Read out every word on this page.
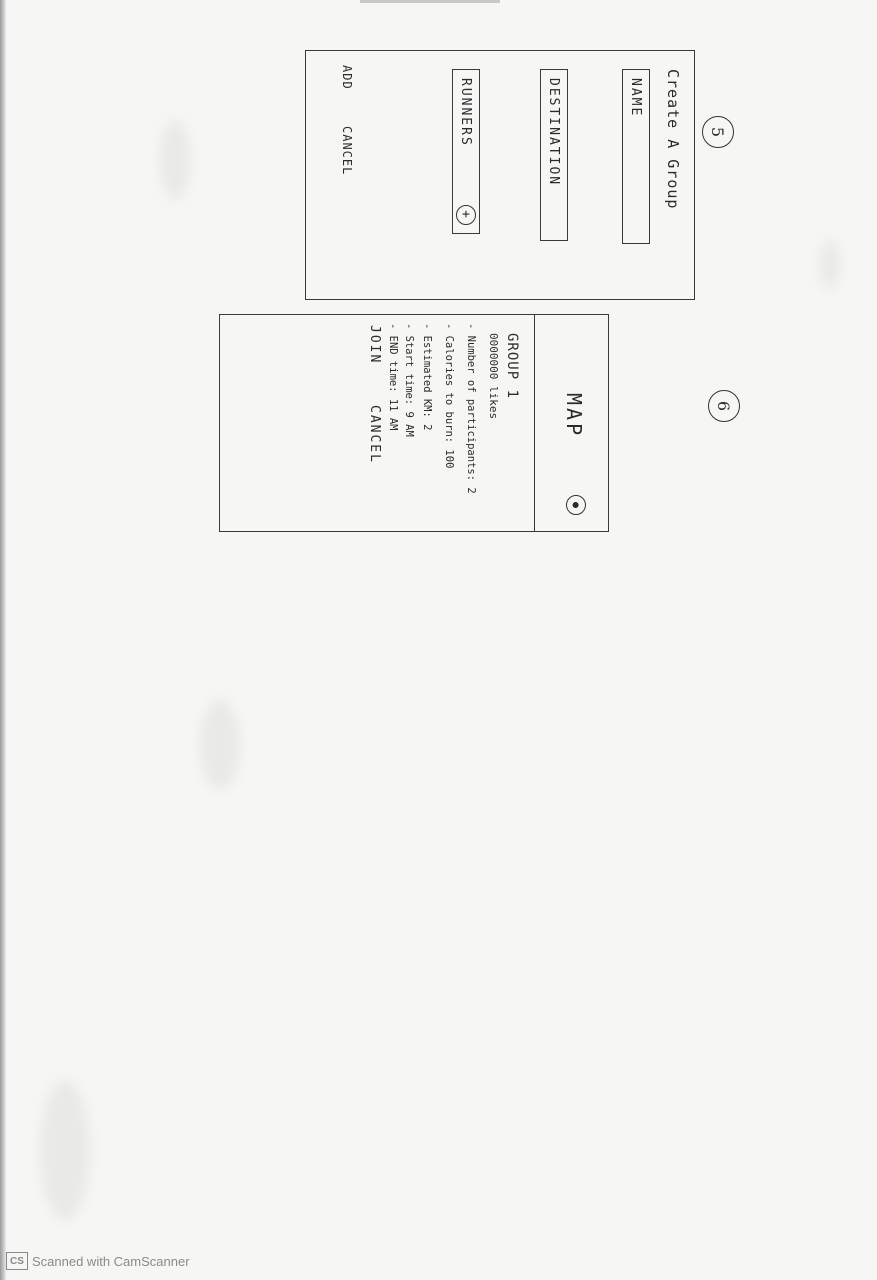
5
6
Create A Group
NAME
DESTINATION
RUNNERS
+
ADD
CANCEL
MAP
●
GROUP 1
0000000 likes
- Number of participants: 2
- Calories to burn: 100
- Estimated KM: 2
- Start time: 9 AM
- END time: 11 AM
JOIN
CANCEL
CS Scanned with CamScanner
